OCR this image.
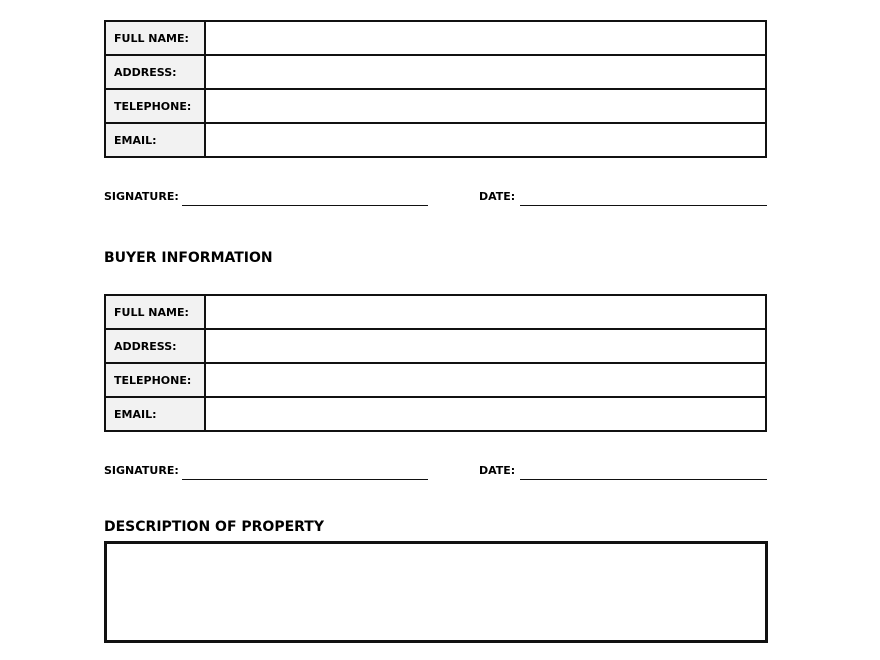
FULL NAME:	
ADDRESS:	
TELEPHONE:	
EMAIL:	
SIGNATURE:	DATE:
BUYER INFORMATION
FULL NAME:	
ADDRESS:	
TELEPHONE:	
EMAIL:	
SIGNATURE:	DATE:
DESCRIPTION OF PROPERTY
